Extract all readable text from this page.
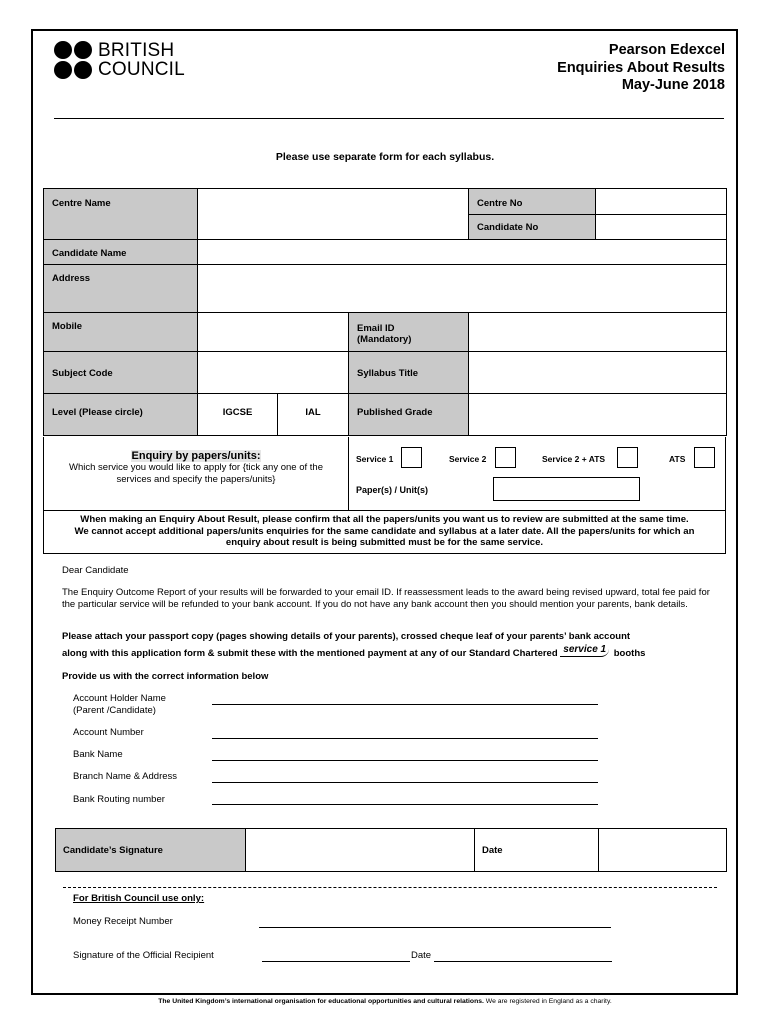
BRITISH
COUNCIL
Pearson Edexcel
Enquiries About Results
May-June 2018
Please use separate form for each syllabus.
Centre Name				Centre No	
				Candidate No	
Candidate Name					
Address					
Mobile			Email ID
(Mandatory)		

Subject Code			Syllabus Title		
Level (Please circle)	IGCSE	IAL	Published Grade		
Enquiry by papers/units:
Which service you would like to apply for {tick any one of the services and specify the papers/units}
Service 1	Service 2	Service 2 + ATS	ATS
Paper(s) / Unit(s)
When making an Enquiry About Result, please confirm that all the papers/units you want us to review are submitted at the same time.
We cannot accept additional papers/units enquiries for the same candidate and syllabus at a later date. All the papers/units for which an
enquiry about result is being submitted must be for the same service.
Dear Candidate
The Enquiry Outcome Report of your results will be forwarded to your email ID. If reassessment leads to the award being revised upward, total fee paid for the particular service will be refunded to your bank account. If you do not have any bank account then you should mention your parents, bank details.
Please attach your passport copy (pages showing details of your parents), crossed cheque leaf of your parents’ bank account
along with this application form & submit these with the mentioned payment at any of our Standard Chartered service 1 booths
Provide us with the correct information below
Account Holder Name
(Parent /Candidate)
Account Number
Bank Name
Branch Name & Address
Bank Routing number
Candidate’s Signature		Date	
For British Council use only:
Money Receipt Number
Signature of the Official Recipient	Date
The United Kingdom’s international organisation for educational opportunities and cultural relations. We are registered in England as a charity.
